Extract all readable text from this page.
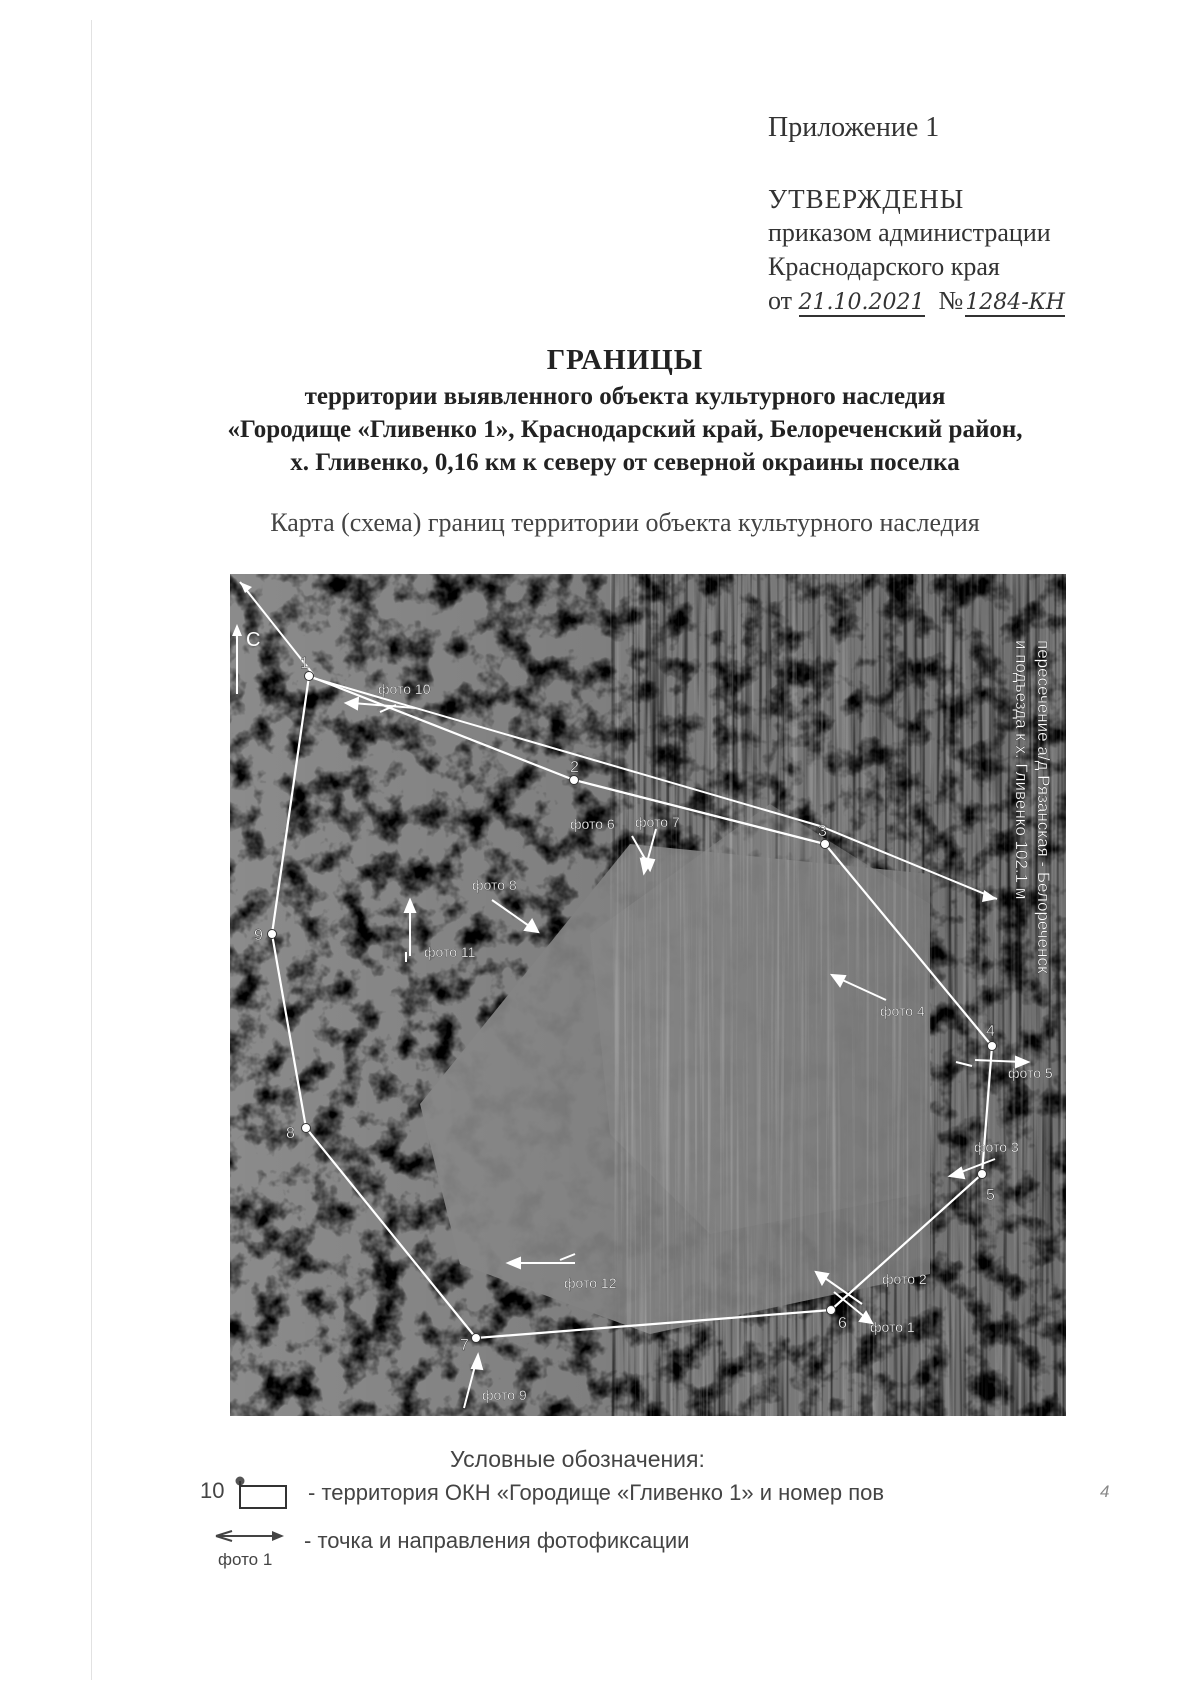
Приложение 1
УТВЕРЖДЕНЫ
приказом администрации
Краснодарского края
от 21.10.2021 №1284-КН
ГРАНИЦЫ
территории выявленного объекта культурного наследия
«Городище «Гливенко 1», Краснодарский край, Белореченский район,
х. Гливенко, 0,16 км к северу от северной окраины поселка
Карта (схема) границ территории объекта культурного наследия
1
2
3
4
5
6
7
8
9
С
фото 1
фото 2
фото 3
фото 4
фото 5
фото 6 фото 7
фото 8
фото 9
фото 10
фото 11
фото 12
пересечение а/д Рязанская - Белореченск
и подъезда к х. Гливенко 102.1 м
Условные обозначения:
10	- территория ОКН «Городище «Гливенко 1» и номер пов
фото 1
- точка и направления фотофиксации
4
